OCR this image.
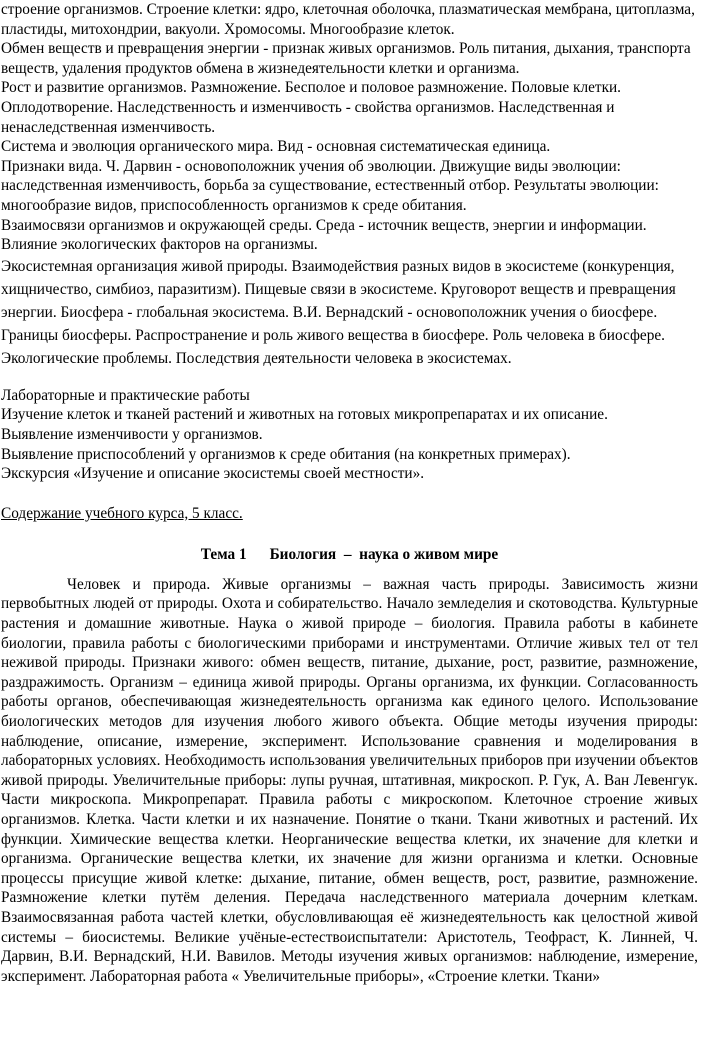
строение организмов. Строение клетки: ядро, клеточная оболочка, плазматическая мембрана, цитоплазма, пластиды, митохондрии, вакуоли. Хромосомы. Многообразие клеток.

Обмен веществ и превращения энергии - признак живых организмов. Роль питания, дыхания, транспорта веществ, удаления продуктов обмена в жизнедеятельности клетки и организма.

Рост и развитие организмов. Размножение. Бесполое и половое размножение. Половые клетки. Оплодотворение. Наследственность и изменчивость - свойства организмов. Наследственная и ненаследственная изменчивость.

Система и эволюция органического мира. Вид - основная систематическая единица.

Признаки вида. Ч. Дарвин - основоположник учения об эволюции. Движущие виды эволюции: наследственная изменчивость, борьба за существование, естественный отбор. Результаты эволюции: многообразие видов, приспособленность организмов к среде обитания.

Взаимосвязи организмов и окружающей среды. Среда - источник веществ, энергии и информации. Влияние экологических факторов на организмы.

Экосистемная организация живой природы. Взаимодействия разных видов в экосистеме (конкуренция, хищничество, симбиоз, паразитизм). Пищевые связи в экосистеме. Круговорот веществ и превращения энергии. Биосфера - глобальная экосистема. В.И. Вернадский - основоположник учения о биосфере. Границы биосферы. Распространение и роль живого вещества в биосфере. Роль человека в биосфере. Экологические проблемы. Последствия деятельности человека в экосистемах.

Лабораторные и практические работы

Изучение клеток и тканей растений и животных на готовых микропрепаратах и их описание.

Выявление изменчивости у организмов.

Выявление приспособлений у организмов к среде обитания (на конкретных примерах).

Экскурсия «Изучение и описание экосистемы своей местности».

Содержание учебного курса, 5 класс.

Тема 1      Биология  –  наука о живом мире

Человек и природа. Живые организмы – важная часть природы. Зависимость жизни первобытных людей от природы. Охота и собирательство. Начало земледелия и скотоводства. Культурные растения и домашние животные. Наука о живой природе – биология. Правила работы в кабинете биологии, правила работы с биологическими приборами и инструментами. Отличие живых тел от тел неживой природы. Признаки живого: обмен веществ, питание, дыхание, рост, развитие, размножение, раздражимость. Организм – единица живой природы. Органы организма, их функции. Согласованность работы органов, обеспечивающая жизнедеятельность организма как единого целого. Использование биологических методов для изучения любого живого объекта. Общие методы изучения природы: наблюдение, описание, измерение, эксперимент. Использование сравнения и моделирования в лабораторных условиях. Необходимость использования увеличительных приборов при изучении объектов живой природы. Увеличительные приборы: лупы ручная, штативная, микроскоп. Р. Гук, А. Ван Левенгук. Части микроскопа. Микропрепарат. Правила работы с микроскопом. Клеточное строение живых организмов. Клетка. Части клетки и их назначение. Понятие о ткани. Ткани животных и растений. Их функции. Химические вещества клетки. Неорганические вещества клетки, их значение для клетки и организма. Органические вещества клетки, их значение для жизни организма и клетки. Основные процессы присущие живой клетке: дыхание, питание, обмен веществ, рост, развитие, размножение. Размножение клетки путём деления. Передача наследственного материала дочерним клеткам. Взаимосвязанная работа частей клетки, обусловливающая её жизнедеятельность как целостной живой системы – биосистемы. Великие учёные-естествоиспытатели: Аристотель, Теофраст, К. Линней, Ч. Дарвин, В.И. Вернадский, Н.И. Вавилов. Методы изучения живых организмов: наблюдение, измерение, эксперимент. Лабораторная работа « Увеличительные приборы», «Строение клетки. Ткани»
